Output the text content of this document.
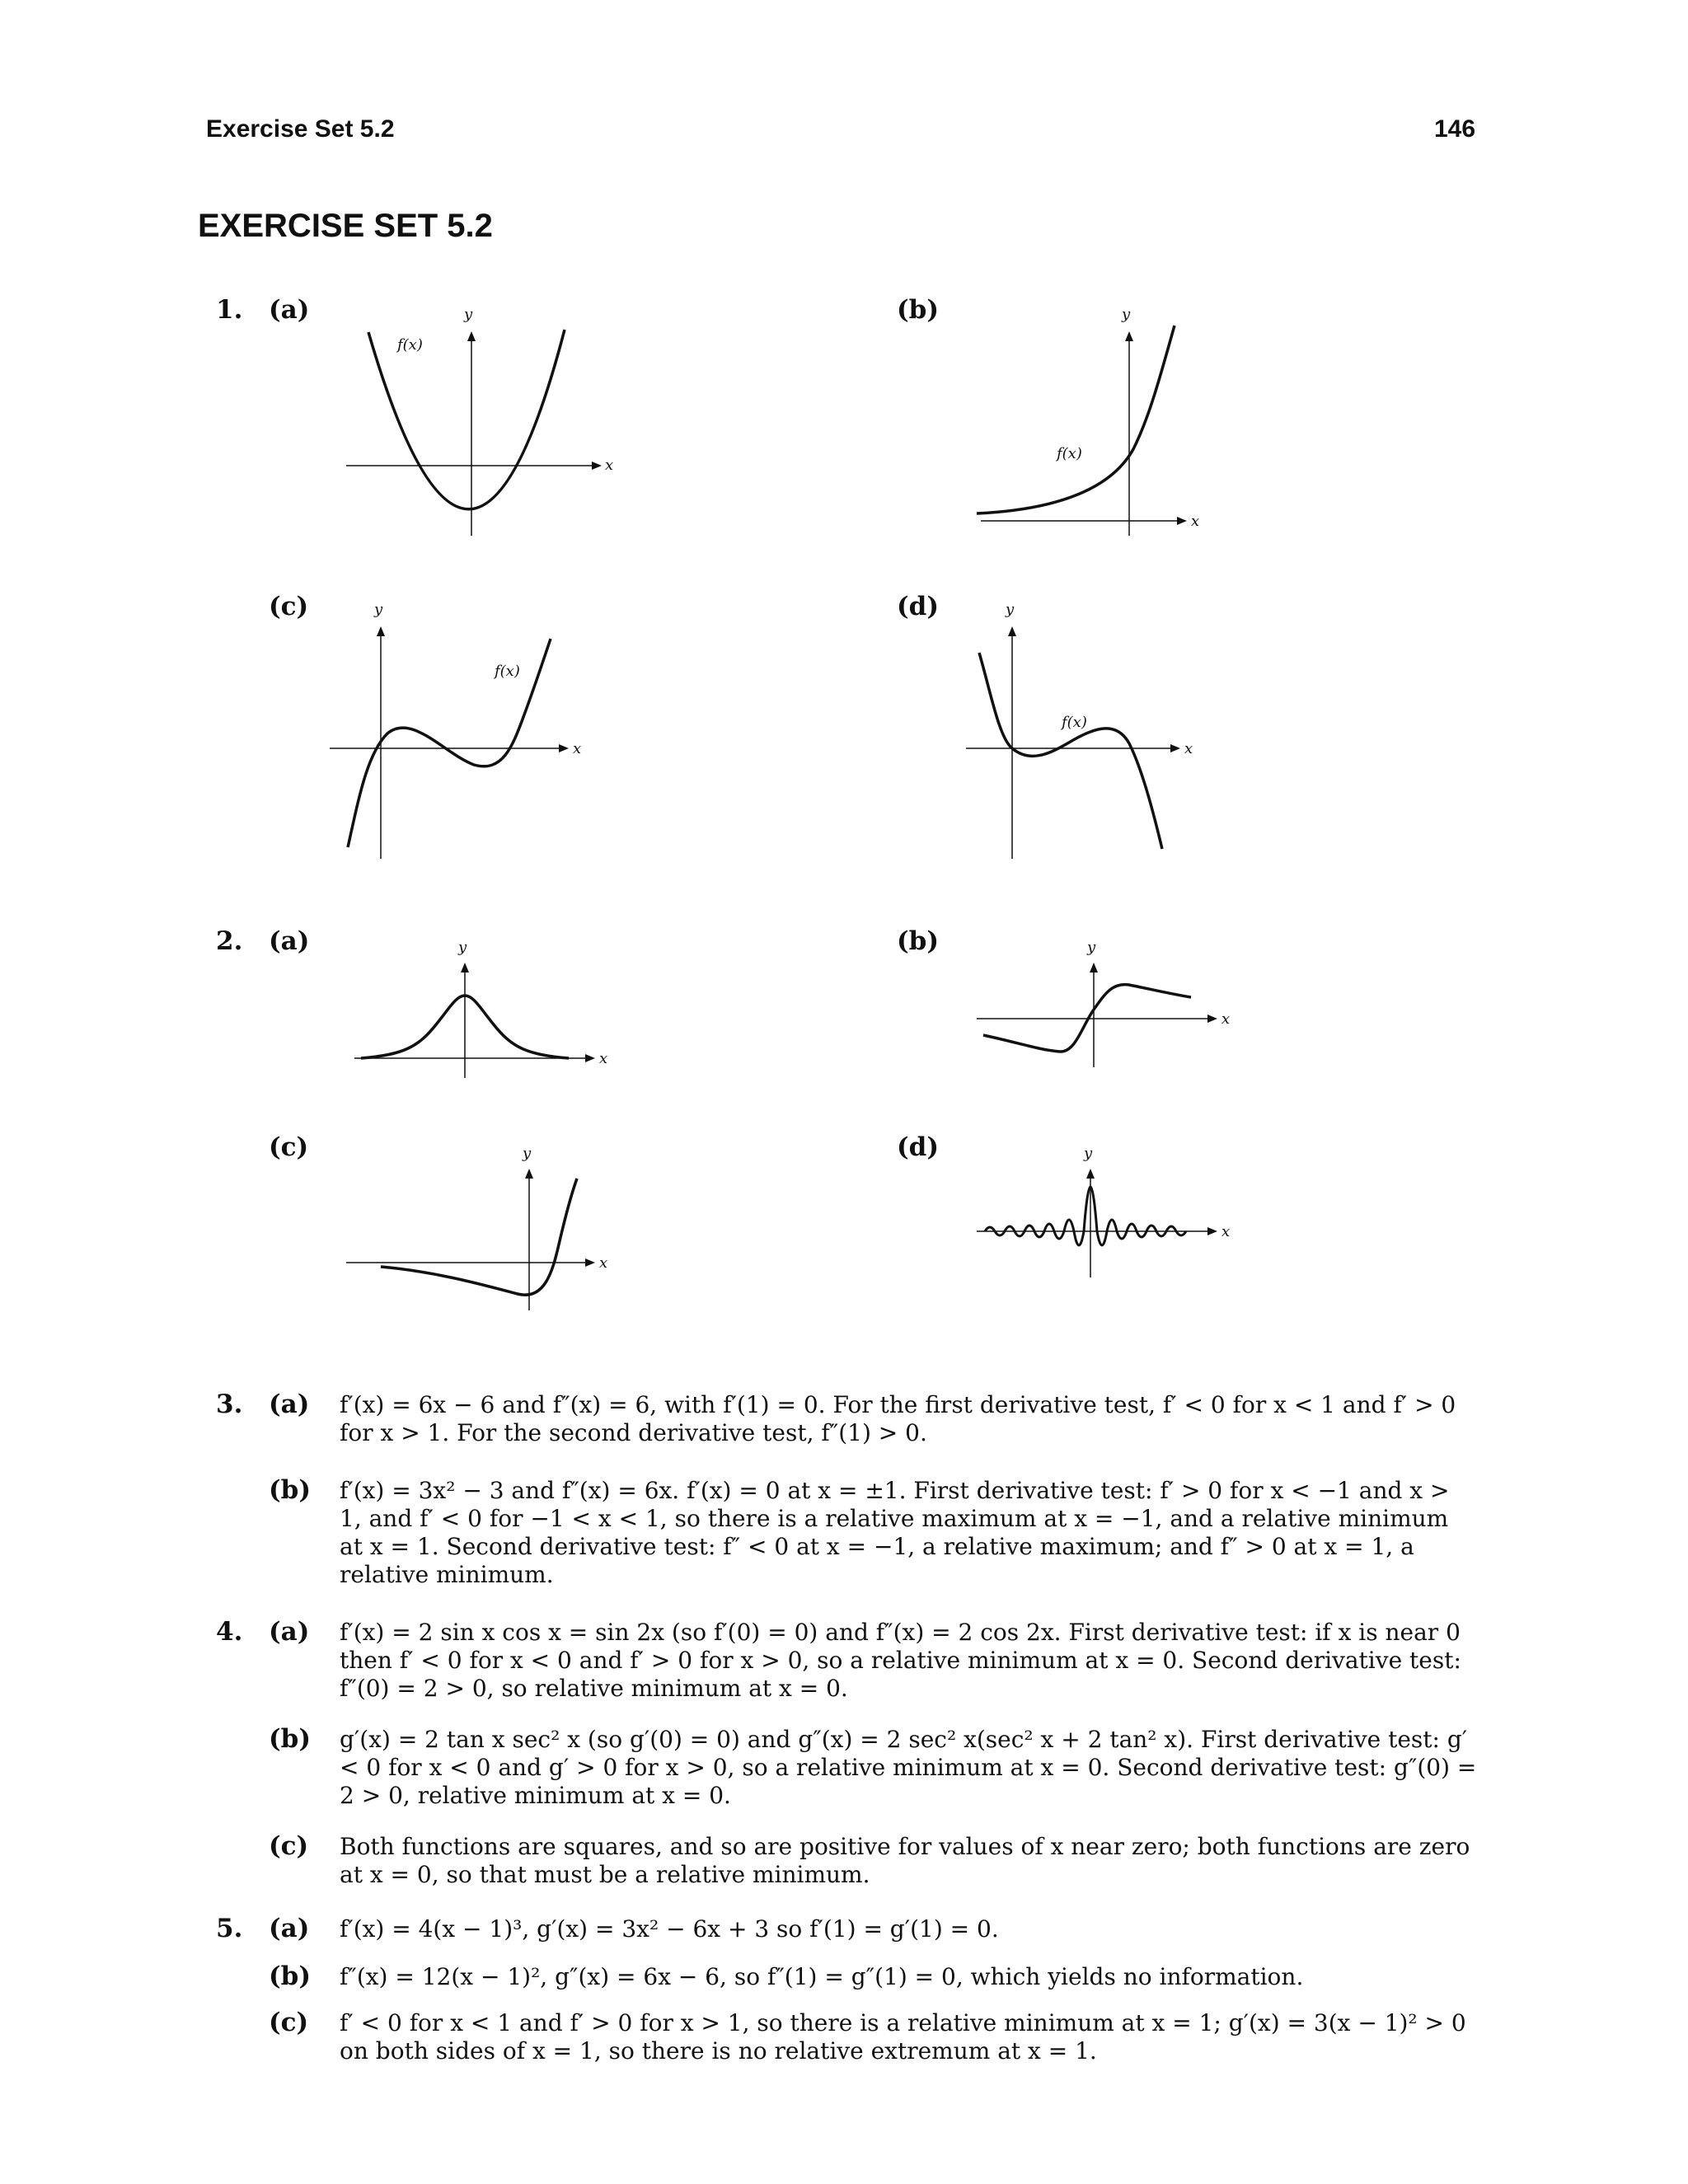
Exercise Set 5.2	146
EXERCISE SET 5.2
1. (a)	(b)
(c)	(d)
x
y
f(x)
x
y
f(x)
x
y
f(x)
x
y
f(x)
2. (a)	(b)
(c)	(d)
x
y
x
y
x
y
x
y
3. (a) f′(x) = 6x − 6 and f″(x) = 6, with f′(1) = 0. For the first derivative test, f′ < 0 for x < 1 and f′ > 0 for x > 1. For the second derivative test, f″(1) > 0.
(b) f′(x) = 3x² − 3 and f″(x) = 6x. f′(x) = 0 at x = ±1. First derivative test: f′ > 0 for x < −1 and x > 1, and f′ < 0 for −1 < x < 1, so there is a relative maximum at x = −1, and a relative minimum at x = 1. Second derivative test: f″ < 0 at x = −1, a relative maximum; and f″ > 0 at x = 1, a relative minimum.
4. (a) f′(x) = 2 sin x cos x = sin 2x (so f′(0) = 0) and f″(x) = 2 cos 2x. First derivative test: if x is near 0 then f′ < 0 for x < 0 and f′ > 0 for x > 0, so a relative minimum at x = 0. Second derivative test: f″(0) = 2 > 0, so relative minimum at x = 0.
(b) g′(x) = 2 tan x sec² x (so g′(0) = 0) and g″(x) = 2 sec² x(sec² x + 2 tan² x). First derivative test: g′ < 0 for x < 0 and g′ > 0 for x > 0, so a relative minimum at x = 0. Second derivative test: g″(0) = 2 > 0, relative minimum at x = 0.
(c) Both functions are squares, and so are positive for values of x near zero; both functions are zero at x = 0, so that must be a relative minimum.
5. (a) f′(x) = 4(x − 1)³, g′(x) = 3x² − 6x + 3 so f′(1) = g′(1) = 0.
(b) f″(x) = 12(x − 1)², g″(x) = 6x − 6, so f″(1) = g″(1) = 0, which yields no information.
(c) f′ < 0 for x < 1 and f′ > 0 for x > 1, so there is a relative minimum at x = 1; g′(x) = 3(x − 1)² > 0 on both sides of x = 1, so there is no relative extremum at x = 1.
